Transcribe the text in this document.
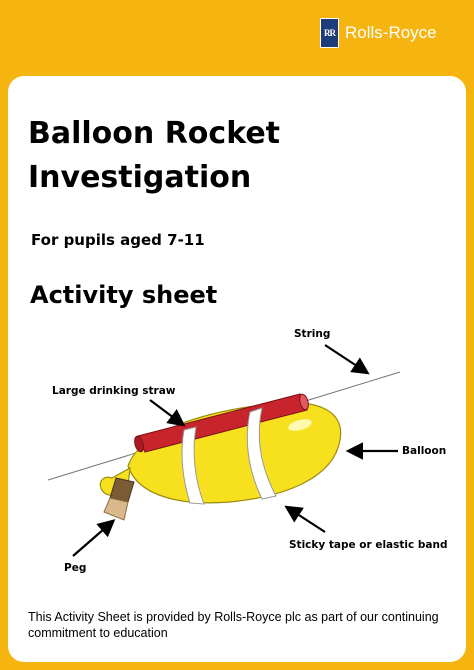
RR Rolls-Royce
Balloon Rocket Investigation
For pupils aged 7-11
Activity sheet
String
Large drinking straw
Balloon
Sticky tape or elastic band
Peg
This Activity Sheet is provided by Rolls-Royce plc as part of our continuing commitment to education
